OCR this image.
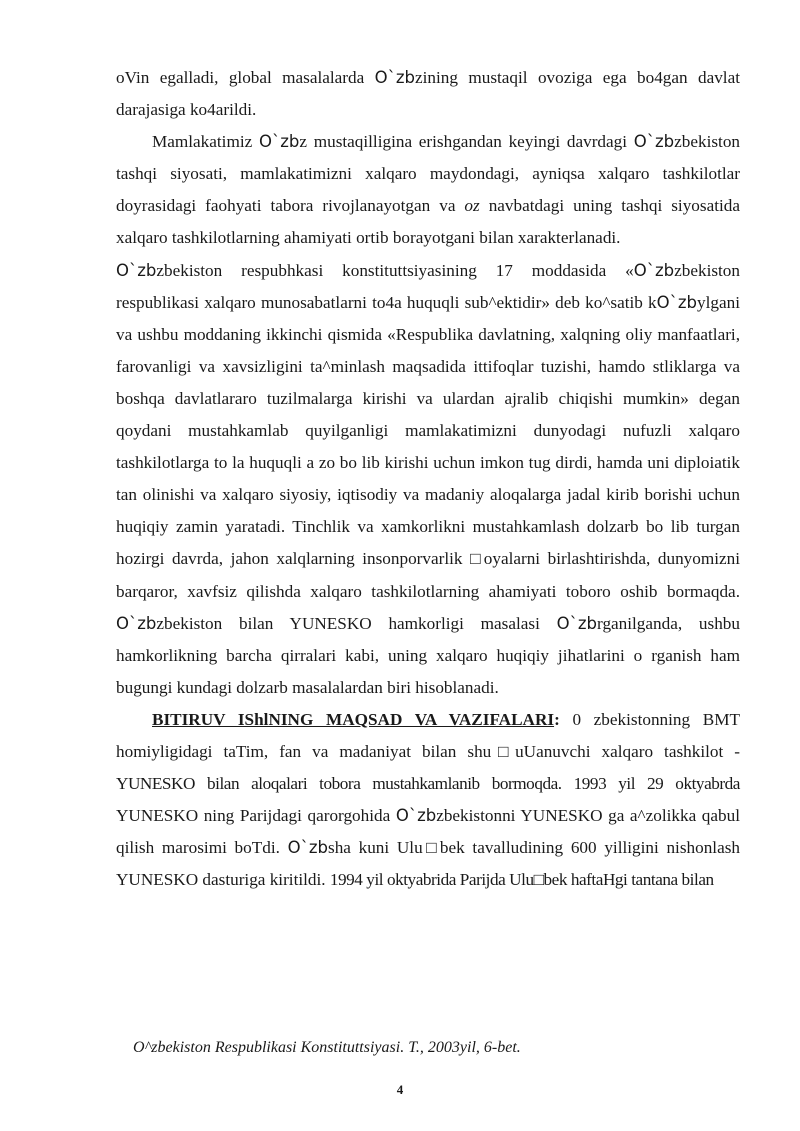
oVin egalladi, global masalalarda O`zbzining mustaqil ovoziga ega bo4gan davlat darajasiga ko4arildi.

Mamlakatimiz O`zbz mustaqilligina erishgandan keyingi davrdagi O`zbzbekiston tashqi siyosati, mamlakatimizni xalqaro maydondagi, ayniqsa xalqaro tashkilotlar doyrasidagi faohyati tabora rivojlanayotgan va oz navbatdagi uning tashqi siyosatida xalqaro tashkilotlarning ahamiyati ortib borayotgani bilan xarakterlanadi.

O`zbzbekiston respubhkasi konstituttsiyasining 17 moddasida «O`zbzbekiston respublikasi xalqaro munosabatlarni to4a huquqli sub^ektidir» deb ko^satib kO`zbylgani va ushbu moddaning ikkinchi qismida «Respublika davlatning, xalqning oliy manfaatlari, farovanligi va xavsizligini ta^minlash maqsadida ittifoqlar tuzishi, hamdo stliklarga va boshqa davlatlararo tuzilmalarga kirishi va ulardan ajralib chiqishi mumkin» degan qoydani mustahkamlab quyilganligi mamlakatimizni dunyodagi nufuzli xalqaro tashkilotlarga to la huquqli a zo bo lib kirishi uchun imkon tug dirdi, hamda uni diploiatik tan olinishi va xalqaro siyosiy, iqtisodiy va madaniy aloqalarga jadal kirib borishi uchun huqiqiy zamin yaratadi. Tinchlik va xamkorlikni mustahkamlash dolzarb bo lib turgan hozirgi davrda, jahon xalqlarning insonporvarlik □oyalarni birlashtirishda, dunyomizni barqaror, xavfsiz qilishda xalqaro tashkilotlarning ahamiyati toboro oshib bormaqda. O`zbzbekiston bilan YUNESKO hamkorligi masalasi O`zbrganilganda, ushbu hamkorlikning barcha qirralari kabi, uning xalqaro huqiqiy jihatlarini o rganish ham bugungi kundagi dolzarb masalalardan biri hisoblanadi.

BITIRUV IShlNING MAQSAD VA VAZIFALARI: 0 zbekistonning BMT homiyligidagi taTim, fan va madaniyat bilan shu□uUanuvchi xalqaro tashkilot -YUNESKO bilan aloqalari tobora mustahkamlanib bormoqda. 1993 yil 29 oktyabrda YUNESKO ning Parijdagi qarorgohida O`zbzbekistonni YUNESKO ga a^zolikka qabul qilish marosimi boTdi. O`zbsha kuni Ulu□bek tavalludining 600 yilligini nishonlash YUNESKO dasturiga kiritildi. 1994 yil oktyabrida Parijda Ulu□bek haftaHgi tantana bilan

O^zbekiston Respublikasi Konstituttsiyasi. T., 2003yil, 6-bet.
4
